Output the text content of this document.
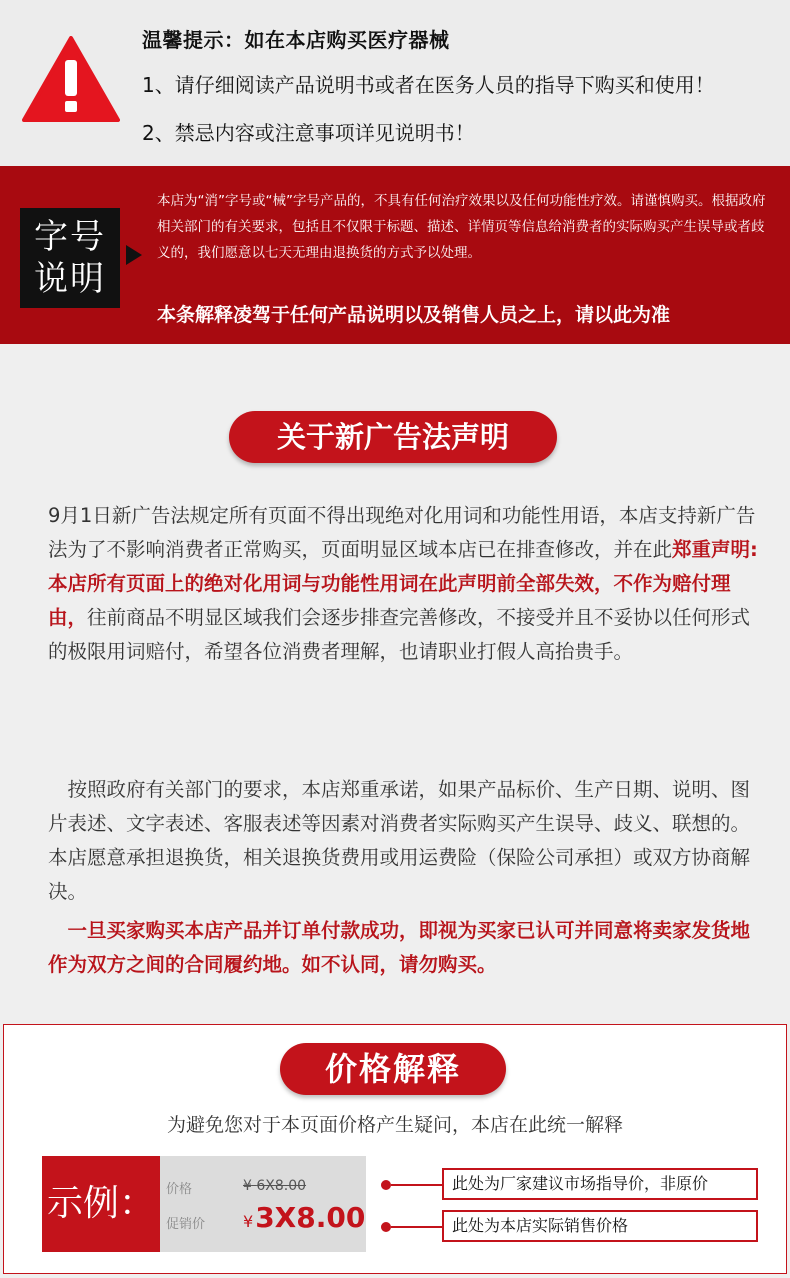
温馨提示：如在本店购买医疗器械
1、请仔细阅读产品说明书或者在医务人员的指导下购买和使用！
2、禁忌内容或注意事项详见说明书！
字号
说明
本店为“消”字号或“械”字号产品的，不具有任何治疗效果以及任何功能性疗效。请谨慎购买。根据政府相关部门的有关要求，包括且不仅限于标题、描述、详情页等信息给消费者的实际购买产生误导或者歧义的，我们愿意以七天无理由退换货的方式予以处理。
本条解释凌驾于任何产品说明以及销售人员之上，请以此为准
关于新广告法声明
9月1日新广告法规定所有页面不得出现绝对化用词和功能性用语，本店支持新广告法为了不影响消费者正常购买，页面明显区域本店已在排查修改，并在此郑重声明:本店所有页面上的绝对化用词与功能性用词在此声明前全部失效，不作为赔付理由，往前商品不明显区域我们会逐步排查完善修改，不接受并且不妥协以任何形式的极限用词赔付，希望各位消费者理解，也请职业打假人高抬贵手。
　按照政府有关部门的要求，本店郑重承诺，如果产品标价、生产日期、说明、图片表述、文字表述、客服表述等因素对消费者实际购买产生误导、歧义、联想的。本店愿意承担退换货，相关退换货费用或用运费险（保险公司承担）或双方协商解决。
　一旦买家购买本店产品并订单付款成功，即视为买家已认可并同意将卖家发货地作为双方之间的合同履约地。如不认同，请勿购买。
价格解释
为避免您对于本页面价格产生疑问，本店在此统一解释
示例： 价格
促销价
¥ 6X8.00
¥3X8.00
此处为厂家建议市场指导价，非原价
此处为本店实际销售价格
